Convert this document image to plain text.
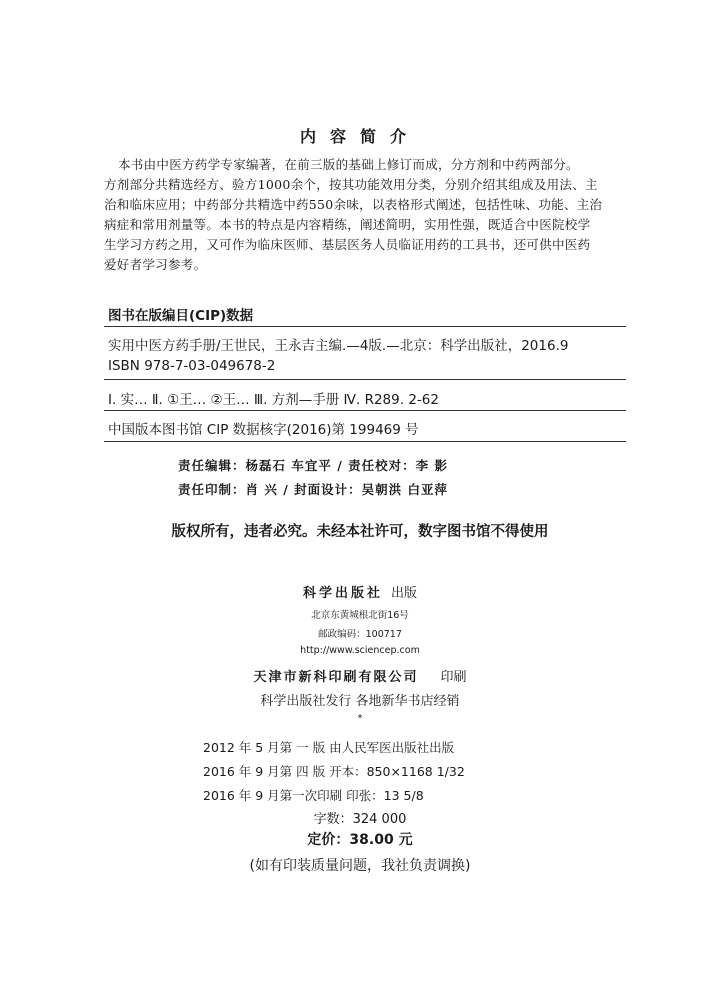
内容简介
本书由中医方药学专家编著，在前三版的基础上修订而成，分方剂和中药两部分。
方剂部分共精选经方、验方1000余个，按其功能效用分类，分别介绍其组成及用法、主
治和临床应用；中药部分共精选中药550余味，以表格形式阐述，包括性味、功能、主治
病症和常用剂量等。本书的特点是内容精练，阐述简明，实用性强，既适合中医院校学
生学习方药之用，又可作为临床医师、基层医务人员临证用药的工具书，还可供中医药
爱好者学习参考。
图书在版编目(CIP)数据
实用中医方药手册/王世民，王永吉主编.—4版.—北京：科学出版社，2016.9
ISBN 978-7-03-049678-2
Ⅰ. 实… Ⅱ. ①王… ②王… Ⅲ. 方剂—手册 Ⅳ. R289. 2-62
中国版本图书馆 CIP 数据核字(2016)第 199469 号
责任编辑：杨磊石 车宜平 / 责任校对：李 影
责任印制：肖 兴 / 封面设计：吴朝洪 白亚萍
版权所有，违者必究。未经本社许可，数字图书馆不得使用
科学出版社 出版
北京东黄城根北街16号
邮政编码：100717
http://www.sciencep.com
天津市新科印刷有限公司 印刷
科学出版社发行 各地新华书店经销
*
2012 年 5 月第 一 版 由人民军医出版社出版
2016 年 9 月第 四 版 开本：850×1168 1/32
2016 年 9 月第一次印刷 印张：13 5/8
字数：324 000
定价：38.00 元
(如有印装质量问题，我社负责调换)
